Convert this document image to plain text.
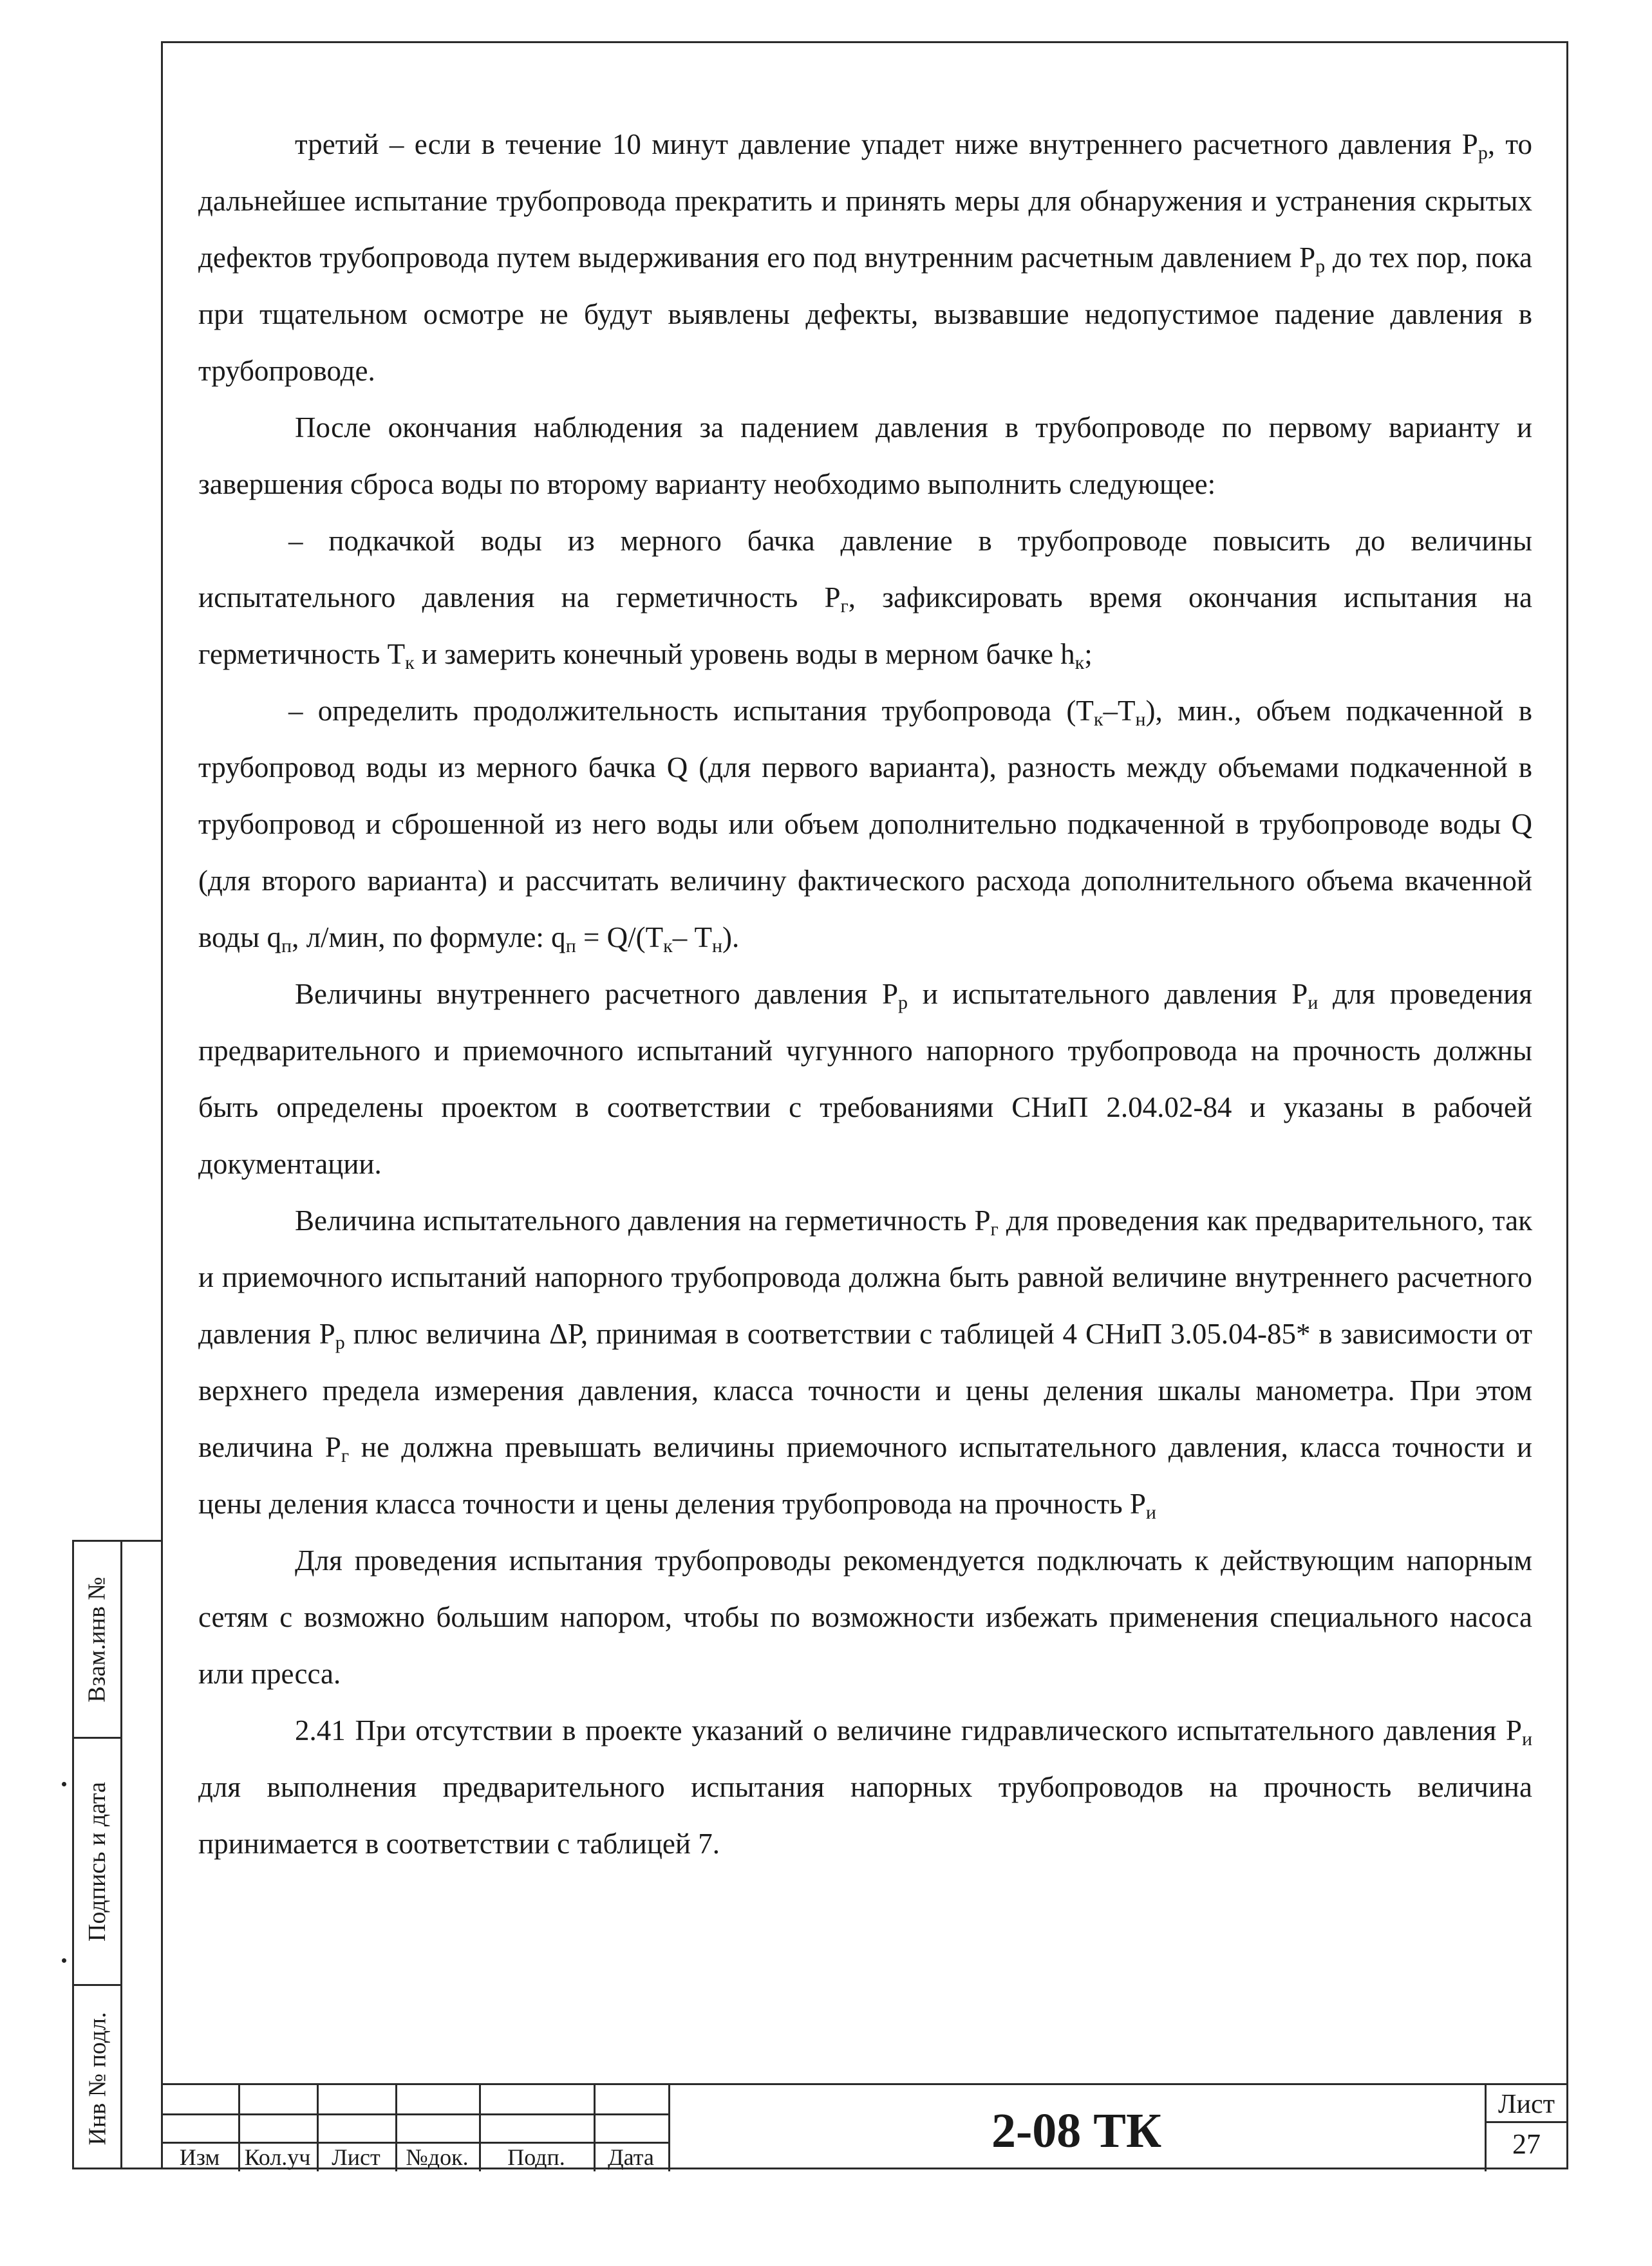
третий – если в течение 10 минут давление упадет ниже внутреннего расчетного давления $P_р$, то дальнейшее испытание трубопровода прекратить и принять меры для обнаружения и устранения скрытых дефектов трубопровода путем выдерживания его под внутренним расчетным давлением $P_р$ до тех пор, пока при тщательном осмотре не будут выявлены дефекты, вызвавшие недопустимое падение давления в трубопроводе.

После окончания наблюдения за падением давления в трубопроводе по первому варианту и завершения сброса воды по второму варианту необходимо выполнить следующее:

– подкачкой воды из мерного бачка давление в трубопроводе повысить до величины испытательного давления на герметичность $P_г$, зафиксировать время окончания испытания на герметичность $T_к$ и замерить конечный уровень воды в мерном бачке $h_к$;

– определить продолжительность испытания трубопровода $(T_к-T_н)$, мин., объем подкаченной в трубопровод воды из мерного бачка Q (для первого варианта), разность между объемами подкаченной в трубопровод и сброшенной из него воды или объем дополнительно подкаченной в трубопроводе воды Q (для второго варианта) и рассчитать величину фактического расхода дополнительного объема вкаченной воды $q_п$, л/мин, по формуле: $q_п = Q/(T_к-$ $T_н$).

Величины внутреннего расчетного давления $P_р$ и испытательного давления $P_и$ для проведения предварительного и приемочного испытаний чугунного напорного трубопровода на прочность должны быть определены проектом в соответствии с требованиями СНиП 2.04.02-84 и указаны в рабочей документации.

Величина испытательного давления на герметичность $P_г$ для проведения как предварительного, так и приемочного испытаний напорного трубопровода должна быть равной величине внутреннего расчетного давления $P_р$ плюс величина ΔP, принимая в соответствии с таблицей 4 СНиП 3.05.04-85* в зависимости от верхнего предела измерения давления, класса точности и цены деления шкалы манометра. При этом величина $P_г$ не должна превышать величины приемочного испытательного давления, класса точности и цены деления класса точности и цены деления трубопровода на прочность $P_и$

Для проведения испытания трубопроводы рекомендуется подключать к действующим напорным сетям с возможно большим напором, чтобы по возможности избежать применения специального насоса или пресса.

2.41 При отсутствии в проекте указаний о величине гидравлического испытательного давления $P_и$ для выполнения предварительного испытания напорных трубопроводов на прочность величина принимается в соответствии с таблицей 7.

Взам.инв №
Подпись и дата
Инв № подл.
Изм	Кол.уч Лист	№док.	Подп.	Дата	2-08 ТК	Лист
27
